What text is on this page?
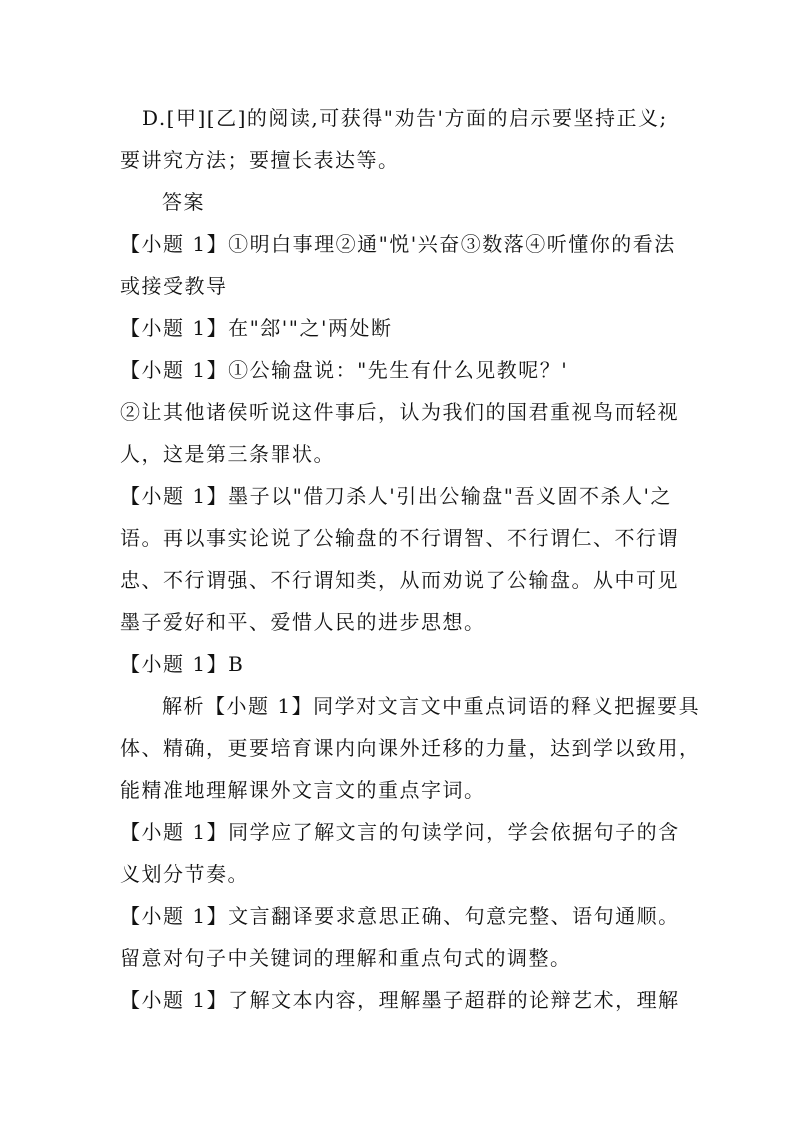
D.[甲][乙]的阅读,可获得"劝告'方面的启示要坚持正义;

要讲究方法；要擅长表达等。

答案

【小题 1】①明白事理②通"悦'兴奋③数落④听懂你的看法

或接受教导

【小题 1】在"郐'"之'两处断

【小题 1】①公输盘说："先生有什么见教呢？'

②让其他诸侯听说这件事后，认为我们的国君重视鸟而轻视

人，这是第三条罪状。

【小题 1】墨子以"借刀杀人'引出公输盘"吾义固不杀人'之

语。再以事实论说了公输盘的不行谓智、不行谓仁、不行谓

忠、不行谓强、不行谓知类，从而劝说了公输盘。从中可见

墨子爱好和平、爱惜人民的进步思想。

【小题 1】B

解析【小题 1】同学对文言文中重点词语的释义把握要具

体、精确，更要培育课内向课外迁移的力量，达到学以致用，

能精准地理解课外文言文的重点字词。

【小题 1】同学应了解文言的句读学问，学会依据句子的含

义划分节奏。

【小题 1】文言翻译要求意思正确、句意完整、语句通顺。

留意对句子中关键词的理解和重点句式的调整。

【小题 1】了解文本内容，理解墨子超群的论辩艺术，理解
